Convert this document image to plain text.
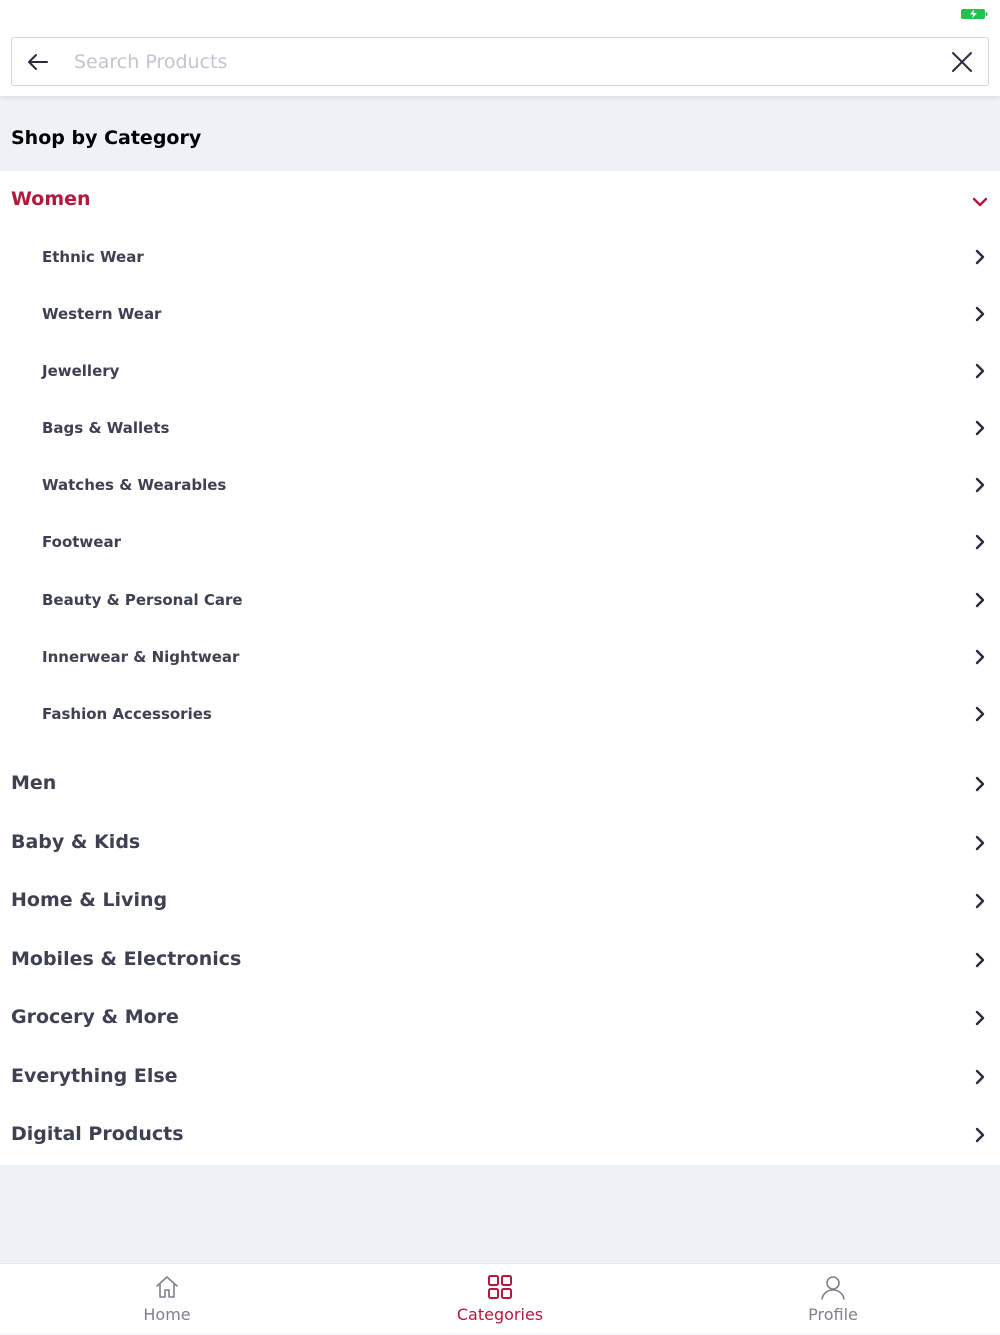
Search Products
Shop by Category
Women
Ethnic Wear
Western Wear
Jewellery
Bags & Wallets
Watches & Wearables
Footwear
Beauty & Personal Care
Innerwear & Nightwear
Fashion Accessories
Men
Baby & Kids
Home & Living
Mobiles & Electronics
Grocery & More
Everything Else
Digital Products
Home	Categories	Profile
